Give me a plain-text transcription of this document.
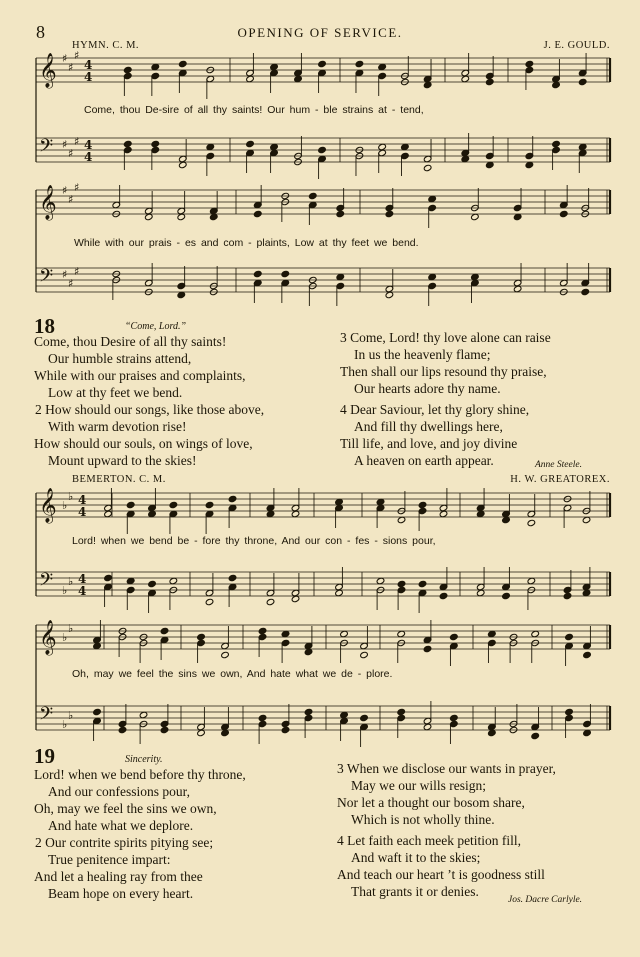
8	OPENING OF SERVICE.
HYMN. C. M.	J. E. GOULD.
𝄞 ♯
♯
♯
4
4
𝄢 ♯
♯
♯ 4
4
𝄞 ♯
♯
♯
𝄢 ♯
♯
♯
𝄞 ♭
♭ 4
4
𝄢 ♭
♭ 4
4
𝄞 ♭
♭
𝄢 ♭
♭
Come, thou De-sire of all thy saints! Our hum - ble strains at - tend,
While with our prais - es and com - plaints, Low at thy feet we bend.
18	“Come, Lord.”
Come, thou Desire of all thy saints!
Our humble strains attend,
While with our praises and complaints,
Low at thy feet we bend.
2 How should our songs, like those above,
With warm devotion rise!
How should our souls, on wings of love,
Mount upward to the skies!
3 Come, Lord! thy love alone can raise
In us the heavenly flame;
Then shall our lips resound thy praise,
Our hearts adore thy name.
4 Dear Saviour, let thy glory shine,
And fill thy dwellings here,
Till life, and love, and joy divine
A heaven on earth appear.	Anne Steele.
BEMERTON. C. M.	H. W. GREATOREX.
Lord! when we bend be - fore thy throne, And our con - fes - sions pour,
Oh, may we feel the sins we own, And hate what we de - plore.
19	Sincerity.
Lord! when we bend before thy throne,
And our confessions pour,
Oh, may we feel the sins we own,
And hate what we deplore.
2 Our contrite spirits pitying see;
True penitence impart:
And let a healing ray from thee
Beam hope on every heart.
3 When we disclose our wants in prayer,
May we our wills resign;
Nor let a thought our bosom share,
Which is not wholly thine.
4 Let faith each meek petition fill,
And waft it to the skies;
And teach our heart ’t is goodness still
That grants it or denies.
Jos. Dacre Carlyle.
